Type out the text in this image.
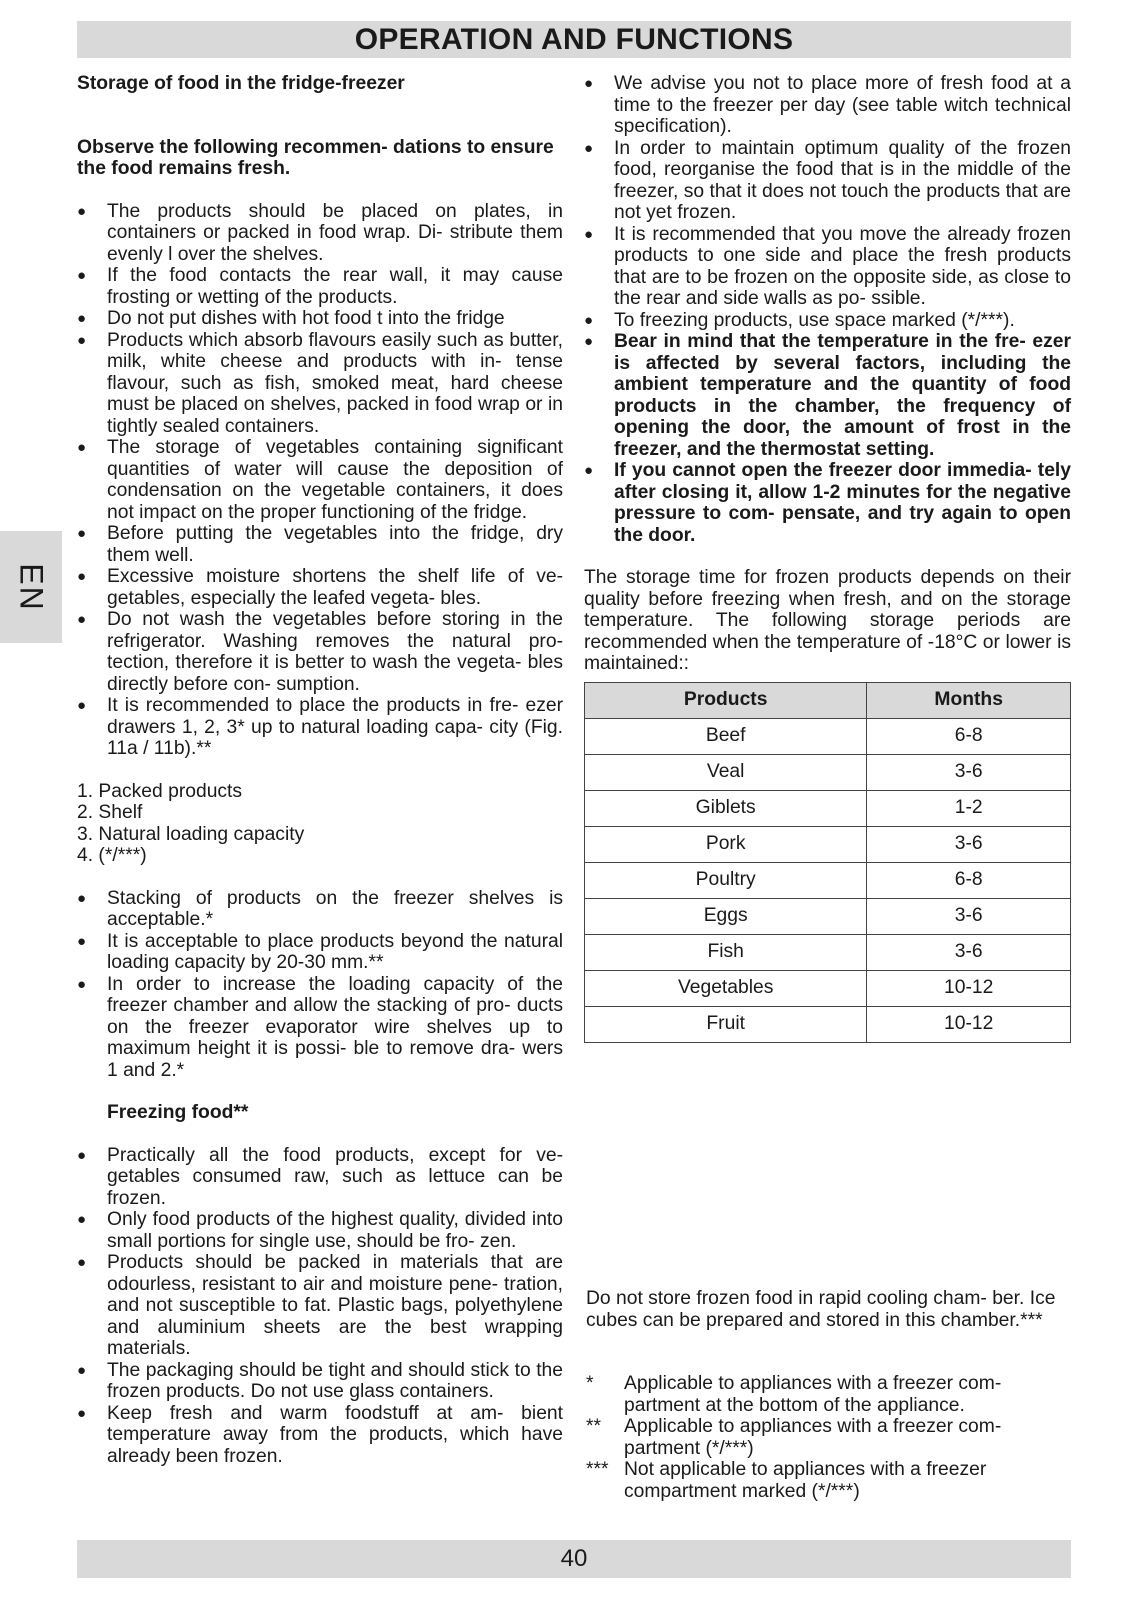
OPERATION AND FUNCTIONS
EN

Storage of food in the fridge-freezer

Observe the following recommen- dations to ensure the food remains fresh.

● The products should be placed on plates, in containers or packed in food wrap. Di- stribute them evenly l over the shelves.
● If the food contacts the rear wall, it may cause frosting or wetting of the products.
● Do not put dishes with hot food t into the fridge
● Products which absorb flavours easily such as butter, milk, white cheese and products with in- tense flavour, such as fish, smoked meat, hard cheese must be placed on shelves, packed in food wrap or in tightly sealed containers.
● The storage of vegetables containing significant quantities of water will cause the deposition of condensation on the vegetable containers, it does not impact on the proper functioning of the fridge.
● Before putting the vegetables into the fridge, dry them well.
● Excessive moisture shortens the shelf life of ve- getables, especially the leafed vegeta- bles.
● Do not wash the vegetables before storing in the refrigerator. Washing removes the natural pro- tection, therefore it is better to wash the vegeta- bles directly before con- sumption.
● It is recommended to place the products in fre- ezer drawers 1, 2, 3* up to natural loading capa- city (Fig. 11a / 11b).**
1. Packed products
2. Shelf
3. Natural loading capacity
4. (*/***)
● Stacking of products on the freezer shelves is acceptable.*
● It is acceptable to place products beyond the natural loading capacity by 20-30 mm.**
● In order to increase the loading capacity of the freezer chamber and allow the stacking of pro- ducts on the freezer evaporator wire shelves up to maximum height it is possi- ble to remove dra- wers 1 and 2.*

Freezing food**

● Practically all the food products, except for ve- getables consumed raw, such as lettuce can be frozen.
● Only food products of the highest quality, divided into small portions for single use, should be fro- zen.
● Products should be packed in materials that are odourless, resistant to air and moisture pene- tration, and not susceptible to fat. Plastic bags, polyethylene and aluminium sheets are the best wrapping materials.
● The packaging should be tight and should stick to the frozen products. Do not use glass containers.
● Keep fresh and warm foodstuff at am- bient temperature away from the products, which have already been frozen.
● We advise you not to place more of fresh food at a time to the freezer per day (see table witch technical specification).
● In order to maintain optimum quality of the frozen food, reorganise the food that is in the middle of the freezer, so that it does not touch the products that are not yet frozen.
● It is recommended that you move the already frozen products to one side and place the fresh products that are to be frozen on the opposite side, as close to the rear and side walls as po- ssible.
● To freezing products, use space marked (*/***).
● Bear in mind that the temperature in the fre- ezer is affected by several factors, including the ambient temperature and the quantity of food products in the chamber, the frequency of opening the door, the amount of frost in the freezer, and the thermostat setting.
● If you cannot open the freezer door immedia- tely after closing it, allow 1-2 minutes for the negative pressure to com- pensate, and try again to open the door.

The storage time for frozen products depends on their quality before freezing when fresh, and on the storage temperature. The following storage periods are recommended when the temperature of -18°C or lower is maintained::

Products	Months
Beef	6-8
Veal	3-6
Giblets	1-2
Pork	3-6
Poultry	6-8
Eggs	3-6
Fish	3-6
Vegetables	10-12
Fruit	10-12

Do not store frozen food in rapid cooling cham- ber. Ice cubes can be prepared and stored in this chamber.***

*	Applicable to appliances with a freezer com- partment at the bottom of the appliance.
**	Applicable to appliances with a freezer com- partment (*/***)
*** Not applicable to appliances with a freezer compartment marked (*/***)
40
